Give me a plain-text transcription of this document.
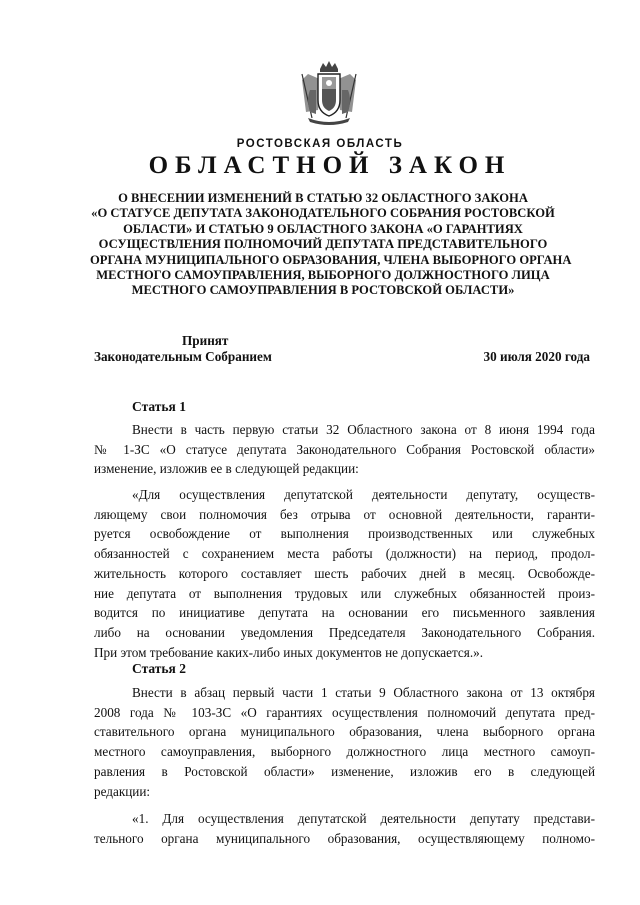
РОСТОВСКАЯ ОБЛАСТЬ
ОБЛАСТНОЙ ЗАКОН
О ВНЕСЕНИИ ИЗМЕНЕНИЙ В СТАТЬЮ 32 ОБЛАСТНОГО ЗАКОНА
«О СТАТУСЕ ДЕПУТАТА ЗАКОНОДАТЕЛЬНОГО СОБРАНИЯ РОСТОВСКОЙ
ОБЛАСТИ» И СТАТЬЮ 9 ОБЛАСТНОГО ЗАКОНА «О ГАРАНТИЯХ
ОСУЩЕСТВЛЕНИЯ ПОЛНОМОЧИЙ ДЕПУТАТА ПРЕДСТАВИТЕЛЬНОГО
ОРГАНА МУНИЦИПАЛЬНОГО ОБРАЗОВАНИЯ, ЧЛЕНА ВЫБОРНОГО ОРГАНА
МЕСТНОГО САМОУПРАВЛЕНИЯ, ВЫБОРНОГО ДОЛЖНОСТНОГО ЛИЦА
МЕСТНОГО САМОУПРАВЛЕНИЯ В РОСТОВСКОЙ ОБЛАСТИ»
Принят
Законодательным Собранием	30 июля 2020 года
Статья 1
Внести в часть первую статьи 32 Областного закона от 8 июня 1994 года
№ 1-ЗС «О статусе депутата Законодательного Собрания Ростовской области»
изменение, изложив ее в следующей редакции:
«Для осуществления депутатской деятельности депутату, осуществ-
ляющему свои полномочия без отрыва от основной деятельности, гаранти-
руется освобождение от выполнения производственных или служебных
обязанностей с сохранением места работы (должности) на период, продол-
жительность которого составляет шесть рабочих дней в месяц. Освобожде-
ние депутата от выполнения трудовых или служебных обязанностей произ-
водится по инициативе депутата на основании его письменного заявления
либо на основании уведомления Председателя Законодательного Собрания.
При этом требование каких-либо иных документов не допускается.».
Статья 2
Внести в абзац первый части 1 статьи 9 Областного закона от 13 октября
2008 года № 103-ЗС «О гарантиях осуществления полномочий депутата пред-
ставительного органа муниципального образования, члена выборного органа
местного самоуправления, выборного должностного лица местного самоуп-
равления в Ростовской области» изменение, изложив его в следующей
редакции:
«1. Для осуществления депутатской деятельности депутату представи-
тельного органа муниципального образования, осуществляющему полномо-
